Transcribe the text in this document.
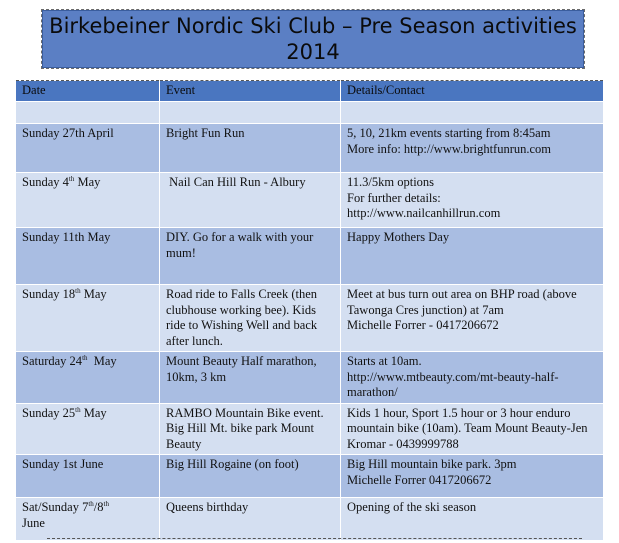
Birkebeiner Nordic Ski Club – Pre Season activities
2014
Date	Event	Details/Contact

Sunday 27th April	Bright Fun Run	5, 10, 21km events starting from 8:45am
More info: http://www.brightfunrun.com
Sunday 4th May	Nail Can Hill Run - Albury	11.3/5km options
For further details:
http://www.nailcanhillrun.com
Sunday 11th May	DIY. Go for a walk with your mum!	Happy Mothers Day
Sunday 18th May	Road ride to Falls Creek (then clubhouse working bee). Kids ride to Wishing Well and back after lunch.	Meet at bus turn out area on BHP road (above Tawonga Cres junction) at 7am
Michelle Forrer - 0417206672
Saturday 24th  May	Mount Beauty Half marathon, 10km, 3 km	Starts at 10am.
http://www.mtbeauty.com/mt-beauty-half-marathon/
Sunday 25th May	RAMBO Mountain Bike event. Big Hill Mt. bike park Mount Beauty	Kids 1 hour, Sport 1.5 hour or 3 hour enduro mountain bike (10am). Team Mount Beauty-Jen Kromar - 0439999788
Sunday 1st June	Big Hill Rogaine (on foot)	Big Hill mountain bike park. 3pm
Michelle Forrer 0417206672
Sat/Sunday 7th/8th
June	Queens birthday	Opening of the ski season
